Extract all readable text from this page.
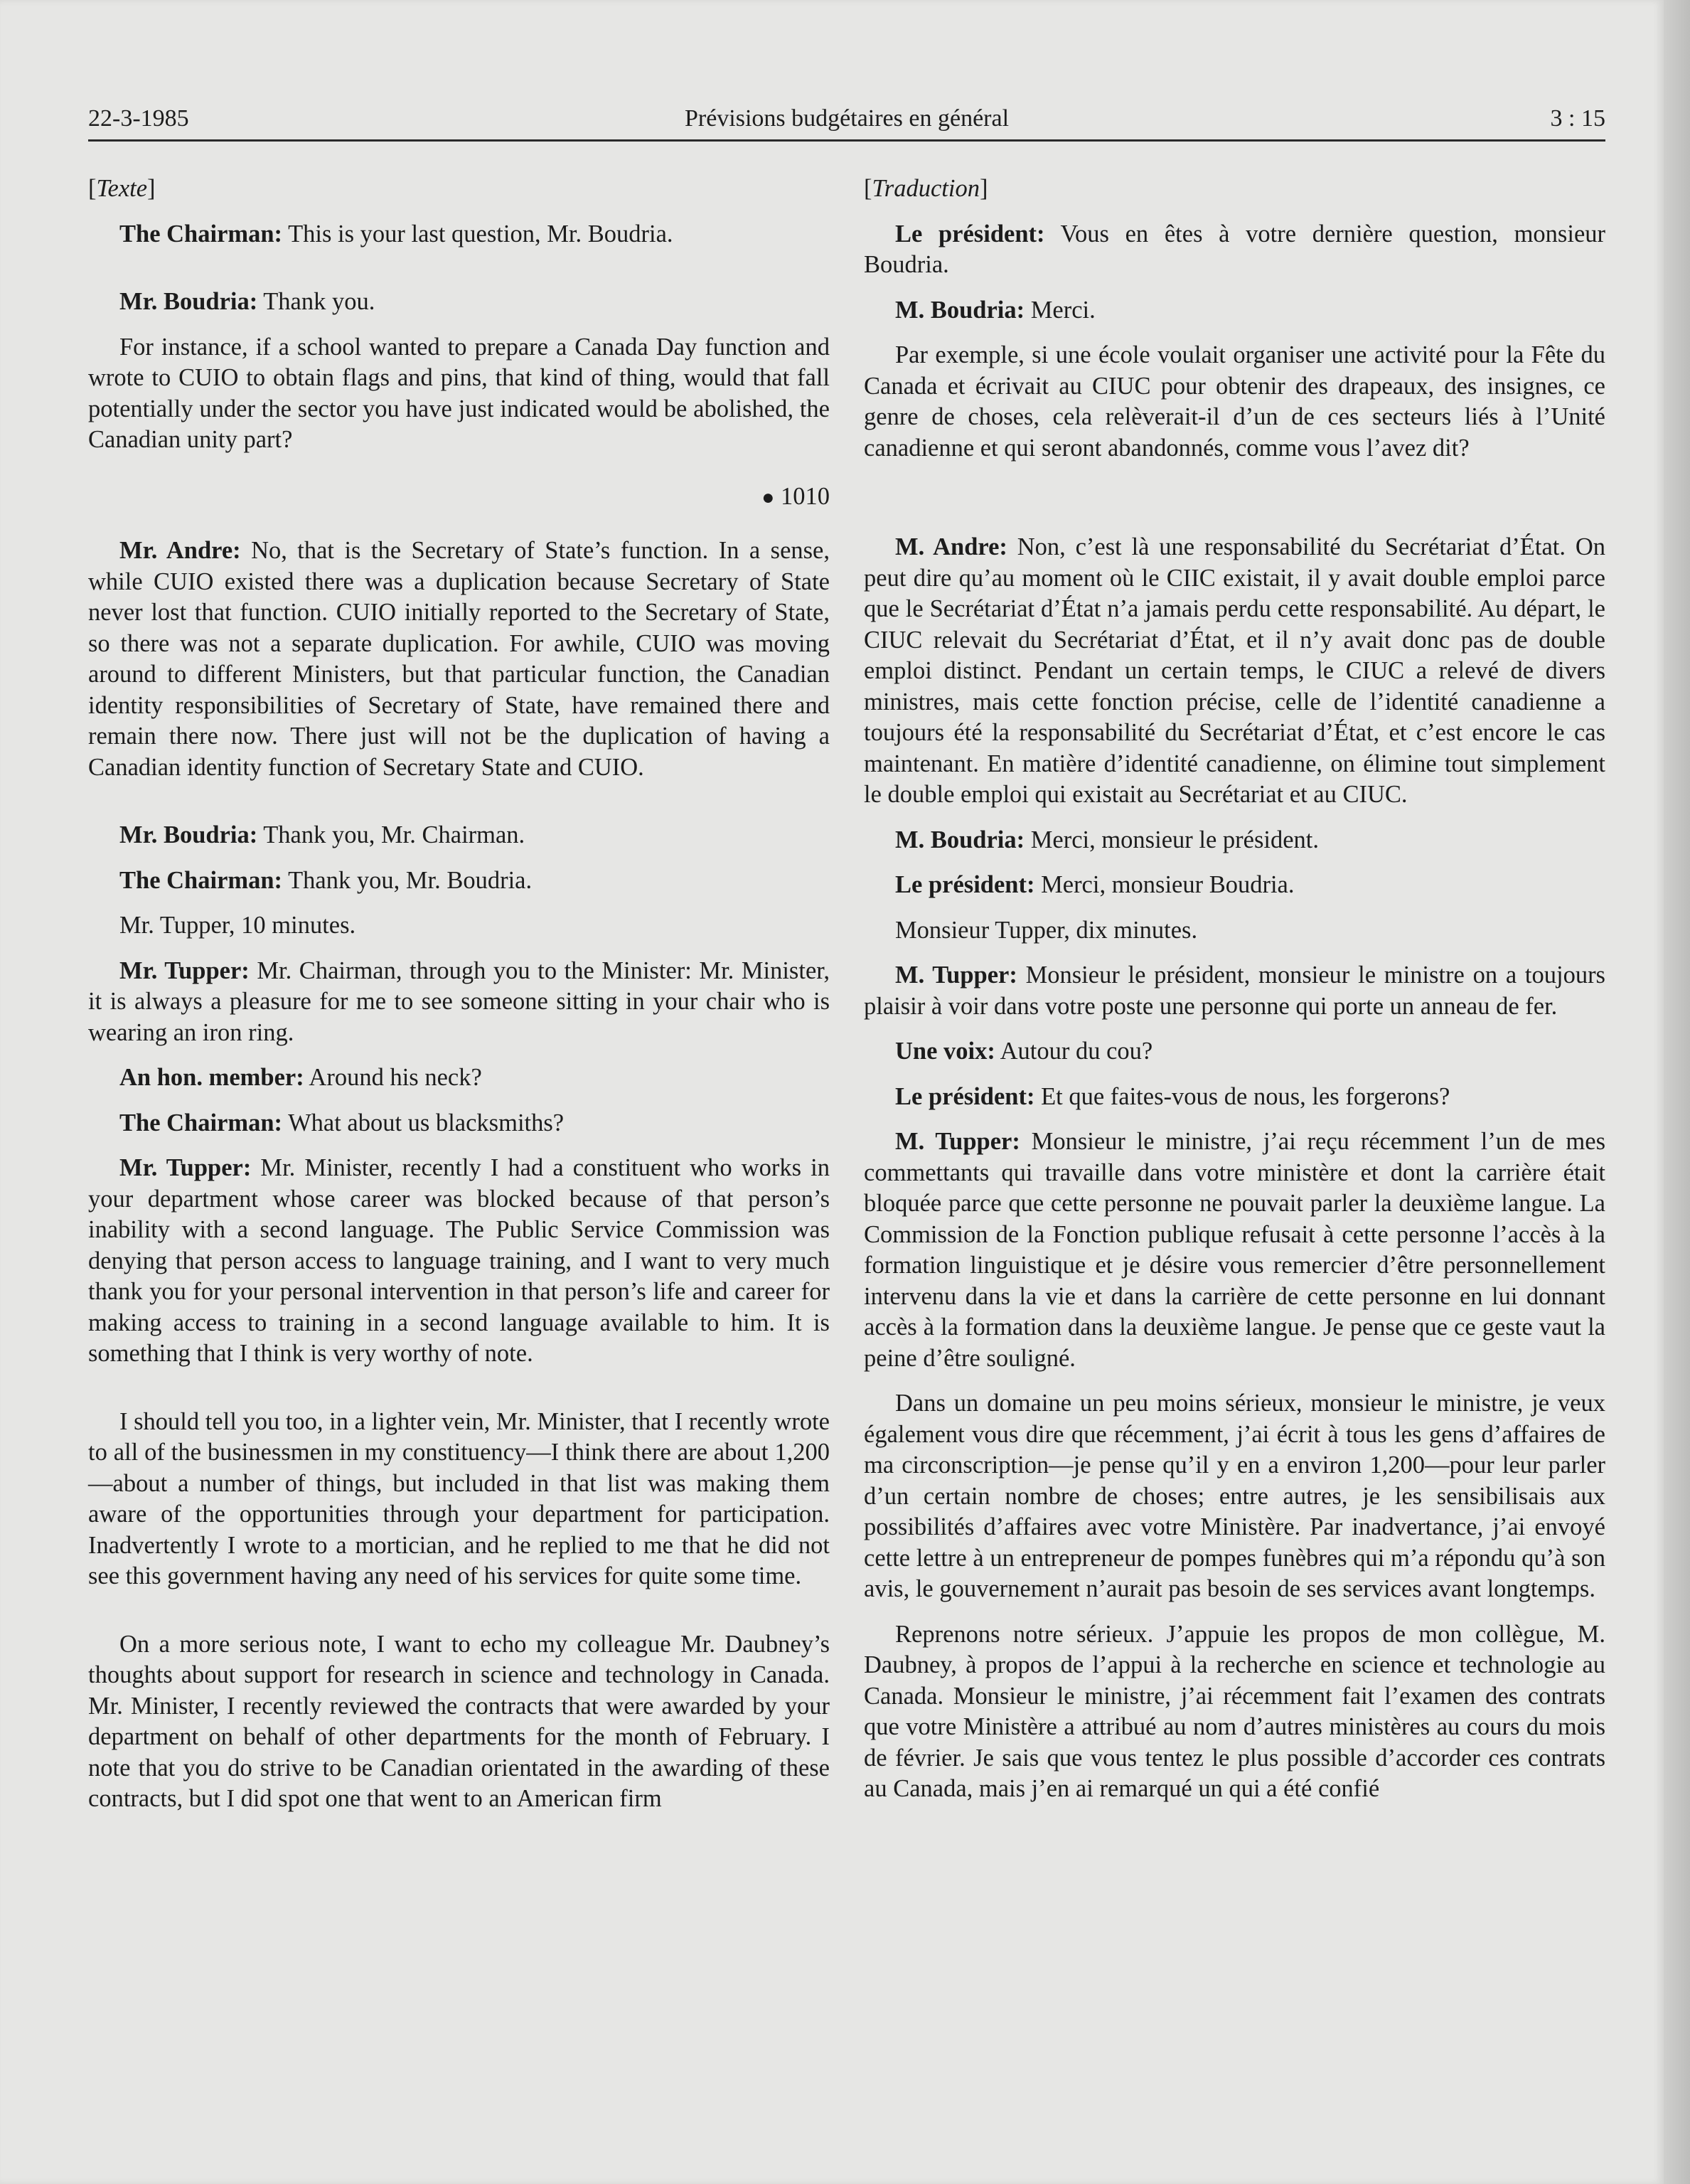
22-3-1985	Prévisions budgétaires en général	3 : 15

[Texte]

The Chairman: This is your last question, Mr. Boudria.

Mr. Boudria: Thank you.

For instance, if a school wanted to prepare a Canada Day function and wrote to CUIO to obtain flags and pins, that kind of thing, would that fall potentially under the sector you have just indicated would be abolished, the Canadian unity part?

● 1010

Mr. Andre: No, that is the Secretary of State’s function. In a sense, while CUIO existed there was a duplication because Secretary of State never lost that function. CUIO initially reported to the Secretary of State, so there was not a separate duplication. For awhile, CUIO was moving around to different Ministers, but that particular function, the Canadian identity responsibilities of Secretary of State, have remained there and remain there now. There just will not be the duplication of having a Canadian identity function of Secretary State and CUIO.

Mr. Boudria: Thank you, Mr. Chairman.

The Chairman: Thank you, Mr. Boudria.

Mr. Tupper, 10 minutes.

Mr. Tupper: Mr. Chairman, through you to the Minister: Mr. Minister, it is always a pleasure for me to see someone sitting in your chair who is wearing an iron ring.

An hon. member: Around his neck?

The Chairman: What about us blacksmiths?

Mr. Tupper: Mr. Minister, recently I had a constituent who works in your department whose career was blocked because of that person’s inability with a second language. The Public Service Commission was denying that person access to language training, and I want to very much thank you for your personal intervention in that person’s life and career for making access to training in a second language available to him. It is something that I think is very worthy of note.

I should tell you too, in a lighter vein, Mr. Minister, that I recently wrote to all of the businessmen in my constituency—I think there are about 1,200—about a number of things, but included in that list was making them aware of the opportunities through your department for participation. Inadvertently I wrote to a mortician, and he replied to me that he did not see this government having any need of his services for quite some time.

On a more serious note, I want to echo my colleague Mr. Daubney’s thoughts about support for research in science and technology in Canada. Mr. Minister, I recently reviewed the contracts that were awarded by your department on behalf of other departments for the month of February. I note that you do strive to be Canadian orientated in the awarding of these contracts, but I did spot one that went to an American firm

[Traduction]

Le président: Vous en êtes à votre dernière question, monsieur Boudria.

M. Boudria: Merci.

Par exemple, si une école voulait organiser une activité pour la Fête du Canada et écrivait au CIUC pour obtenir des drapeaux, des insignes, ce genre de choses, cela relèverait-il d’un de ces secteurs liés à l’Unité canadienne et qui seront abandonnés, comme vous l’avez dit?

M. Andre: Non, c’est là une responsabilité du Secrétariat d’État. On peut dire qu’au moment où le CIIC existait, il y avait double emploi parce que le Secrétariat d’État n’a jamais perdu cette responsabilité. Au départ, le CIUC relevait du Secrétariat d’État, et il n’y avait donc pas de double emploi distinct. Pendant un certain temps, le CIUC a relevé de divers ministres, mais cette fonction précise, celle de l’identité canadienne a toujours été la responsabilité du Secrétariat d’État, et c’est encore le cas maintenant. En matière d’identité canadienne, on élimine tout simplement le double emploi qui existait au Secrétariat et au CIUC.

M. Boudria: Merci, monsieur le président.

Le président: Merci, monsieur Boudria.

Monsieur Tupper, dix minutes.

M. Tupper: Monsieur le président, monsieur le ministre on a toujours plaisir à voir dans votre poste une personne qui porte un anneau de fer.

Une voix: Autour du cou?

Le président: Et que faites-vous de nous, les forgerons?

M. Tupper: Monsieur le ministre, j’ai reçu récemment l’un de mes commettants qui travaille dans votre ministère et dont la carrière était bloquée parce que cette personne ne pouvait parler la deuxième langue. La Commission de la Fonction publique refusait à cette personne l’accès à la formation linguistique et je désire vous remercier d’être personnellement intervenu dans la vie et dans la carrière de cette personne en lui donnant accès à la formation dans la deuxième langue. Je pense que ce geste vaut la peine d’être souligné.

Dans un domaine un peu moins sérieux, monsieur le ministre, je veux également vous dire que récemment, j’ai écrit à tous les gens d’affaires de ma circonscription—je pense qu’il y en a environ 1,200—pour leur parler d’un certain nombre de choses; entre autres, je les sensibilisais aux possibilités d’affaires avec votre Ministère. Par inadvertance, j’ai envoyé cette lettre à un entrepreneur de pompes funèbres qui m’a répondu qu’à son avis, le gouvernement n’aurait pas besoin de ses services avant longtemps.

Reprenons notre sérieux. J’appuie les propos de mon collègue, M. Daubney, à propos de l’appui à la recherche en science et technologie au Canada. Monsieur le ministre, j’ai récemment fait l’examen des contrats que votre Ministère a attribué au nom d’autres ministères au cours du mois de février. Je sais que vous tentez le plus possible d’accorder ces contrats au Canada, mais j’en ai remarqué un qui a été confié
